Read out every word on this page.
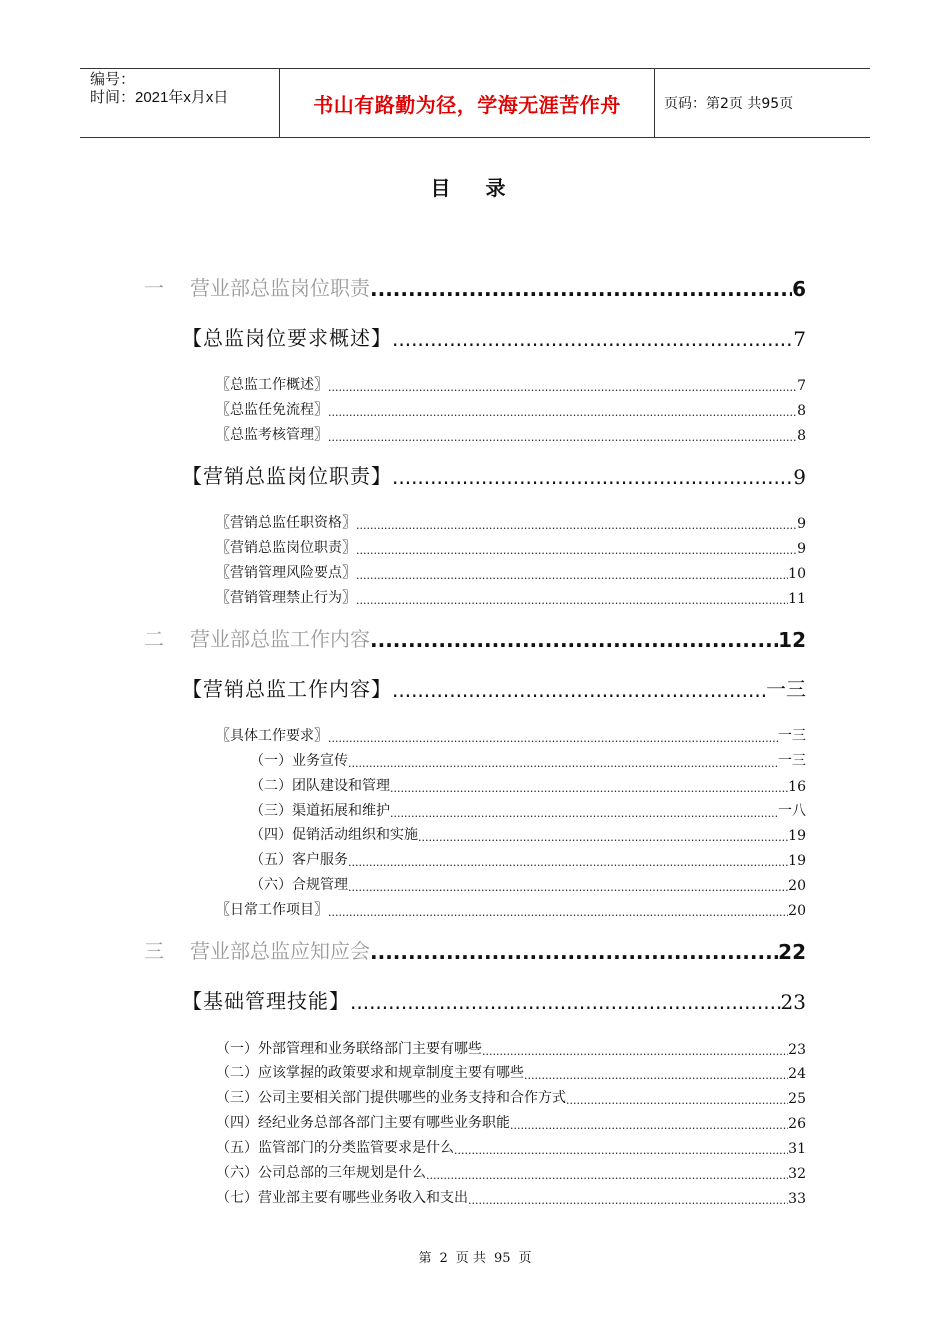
编号：
时间：2021年x月x日	书山有路勤为径，学海无涯苦作舟	页码：第2页 共95页
目 录
一 营业部总监岗位职责 .....	6
【总监岗位要求概述】 .....	7
〖总监工作概述〗 .....	7
〖总监任免流程〗 .....	8
〖总监考核管理〗 .....	8
【营销总监岗位职责】 .....	9
〖营销总监任职资格〗 .....	9
〖营销总监岗位职责〗 .....	9
〖营销管理风险要点〗 .....	10
〖营销管理禁止行为〗 .....	11
二 营业部总监工作内容 .....	12
【营销总监工作内容】 .....	一三
〖具体工作要求〗 .....	一三
（一）业务宣传 .....	一三
（二）团队建设和管理 .....	16
（三）渠道拓展和维护 .....	一八
（四）促销活动组织和实施 .....	19
（五）客户服务 .....	19
（六）合规管理 .....	20
〖日常工作项目〗 .....	20
三 营业部总监应知应会 .....	22
【基础管理技能】 .....	23
（一）外部管理和业务联络部门主要有哪些 .....	23
（二）应该掌握的政策要求和规章制度主要有哪些 .....	24
（三）公司主要相关部门提供哪些的业务支持和合作方式 .....	25
（四）经纪业务总部各部门主要有哪些业务职能 .....	26
（五）监管部门的分类监管要求是什么 .....	31
（六）公司总部的三年规划是什么 .....	32
（七）营业部主要有哪些业务收入和支出 .....	33
第 2 页 共 95 页
